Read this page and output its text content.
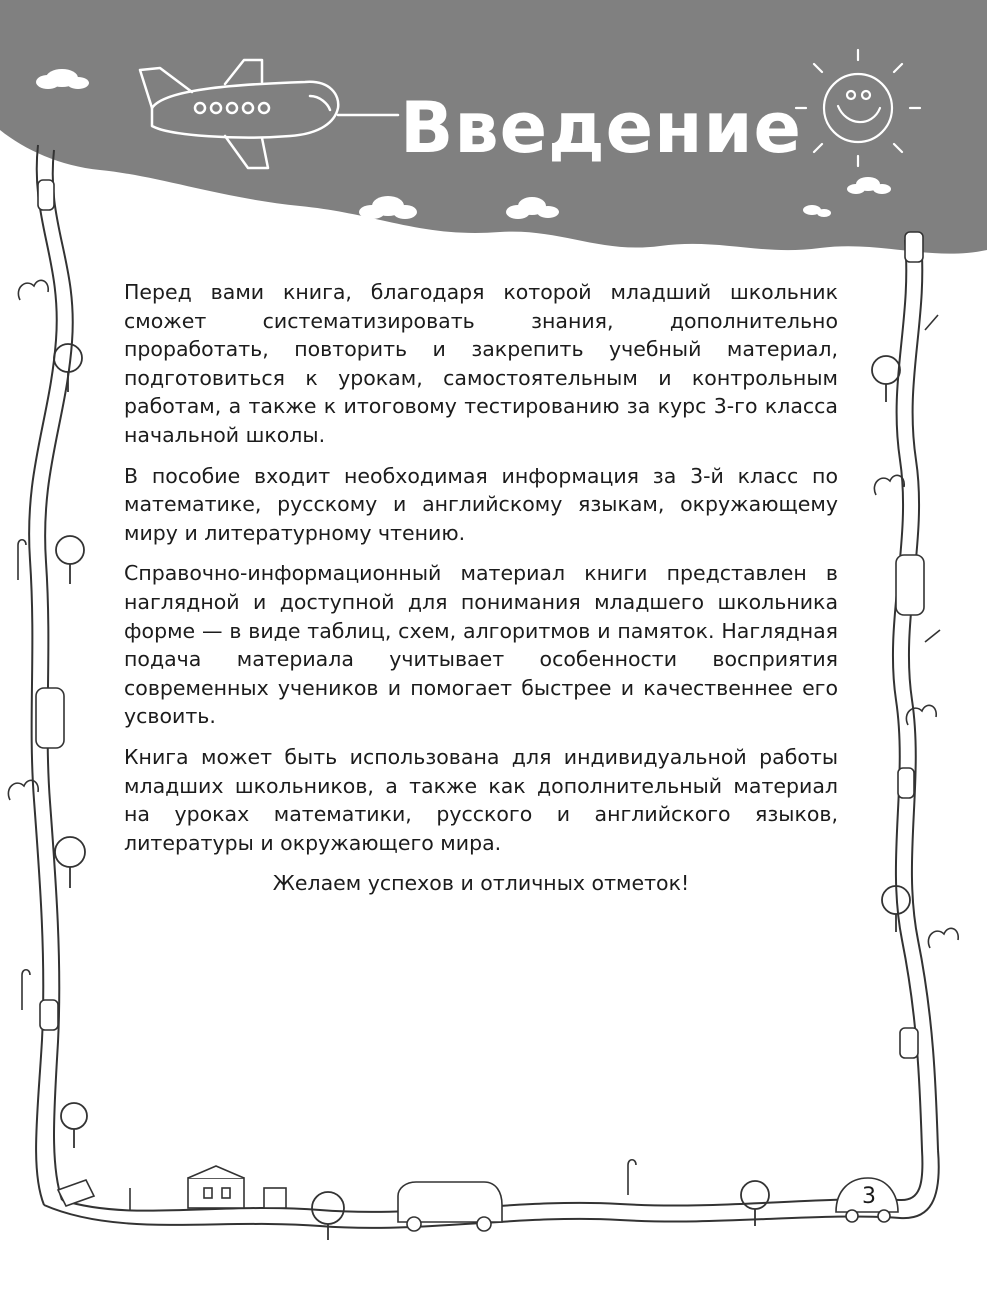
Введение

Перед вами книга, благодаря которой младший школьник сможет систематизировать знания, дополнительно проработать, повторить и закрепить учебный материал, подготовиться к урокам, самостоятельным и контрольным работам, а также к итоговому тестированию за курс 3-го класса начальной школы.

В пособие входит необходимая информация за 3-й класс по математике, русскому и английскому языкам, окружающему миру и литературному чтению.

Справочно-информационный материал книги представлен в наглядной и доступной для понимания младшего школьника форме — в виде таблиц, схем, алгоритмов и памяток. Наглядная подача материала учитывает особенности восприятия современных учеников и помогает быстрее и качественнее его усвоить.

Книга может быть использована для индивидуальной работы младших школьников, а также как дополнительный материал на уроках математики, русского и английского языков, литературы и окружающего мира.

Желаем успехов и отличных отметок!

3
